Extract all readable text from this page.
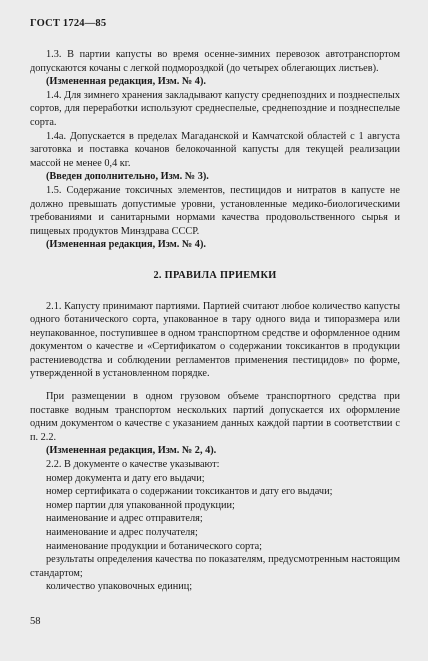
ГОСТ 1724—85

1.3. В партии капусты во время осенне-зимних перевозок автотранспортом допускаются кочаны с легкой подмороздкой (до четырех облегающих листьев).

(Измененная редакция, Изм. № 4).

1.4. Для зимнего хранения закладывают капусту среднепоздних и позднеспелых сортов, для переработки используют среднеспелые, среднепоздние и позднеспелые сорта.

1.4а. Допускается в пределах Магаданской и Камчатской областей с 1 августа заготовка и поставка кочанов белокочанной капусты для текущей реализации массой не менее 0,4 кг.

(Введен дополнительно, Изм. № 3).

1.5. Содержание токсичных элементов, пестицидов и нитратов в капусте не должно превышать допустимые уровни, установленные медико-биологическими требованиями и санитарными нормами качества продовольственного сырья и пищевых продуктов Минздрава СССР.

(Измененная редакция, Изм. № 4).

2. ПРАВИЛА ПРИЕМКИ

2.1. Капусту принимают партиями. Партией считают любое количество капусты одного ботанического сорта, упакованное в тару одного вида и типоразмера или неупакованное, поступившее в одном транспортном средстве и оформленное одним документом о качестве и «Сертификатом о содержании токсикантов в продукции растениеводства и соблюдении регламентов применения пестицидов» по форме, утвержденной в установленном порядке.

При размещении в одном грузовом объеме транспортного средства при поставке водным транспортом нескольких партий допускается их оформление одним документом о качестве с указанием данных каждой партии в соответствии с п. 2.2.

(Измененная редакция, Изм. № 2, 4).

2.2. В документе о качестве указывают:

номер документа и дату его выдачи;

номер сертификата о содержании токсикантов и дату его выдачи;

номер партии для упакованной продукции;

наименование и адрес отправителя;

наименование и адрес получателя;

наименование продукции и ботанического сорта;

результаты определения качества по показателям, предусмотренным настоящим стандартом;

количество упаковочных единиц;

58
